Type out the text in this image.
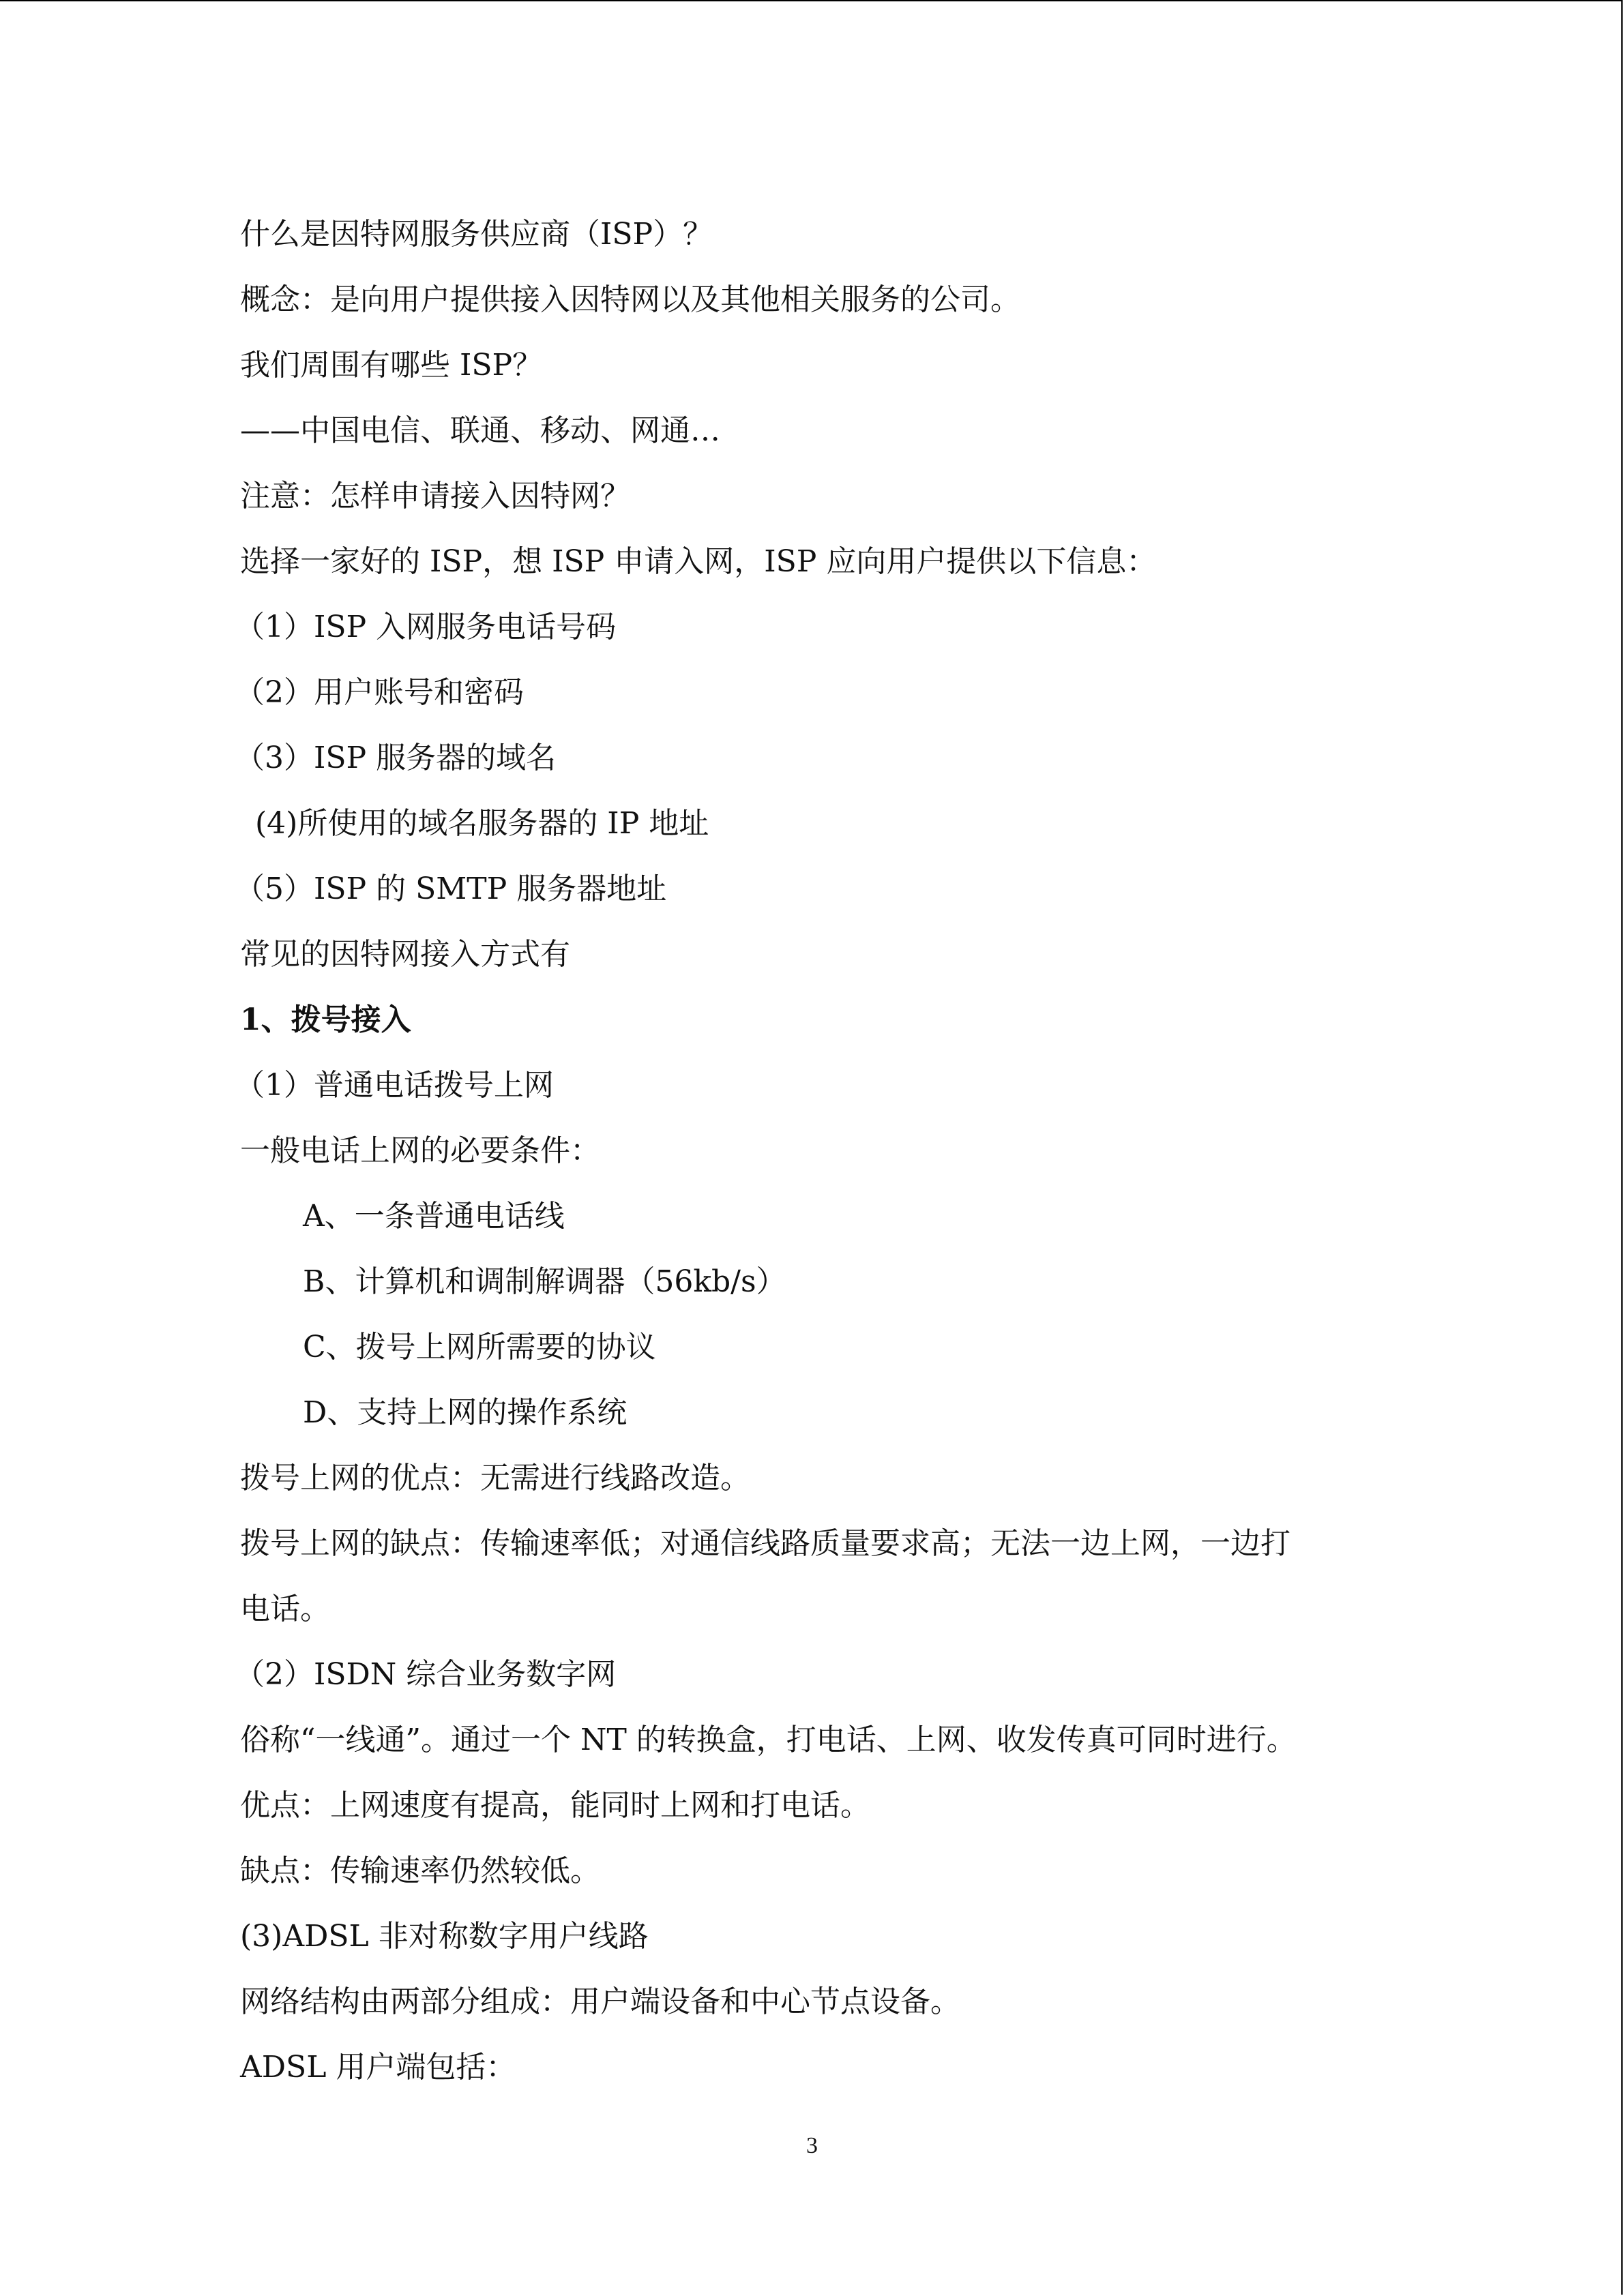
什么是因特网服务供应商（ISP）？
概念：是向用户提供接入因特网以及其他相关服务的公司。
我们周围有哪些 ISP？
——中国电信、联通、移动、网通…
注意：怎样申请接入因特网？
选择一家好的 ISP，想 ISP 申请入网，ISP 应向用户提供以下信息：
（1）ISP 入网服务电话号码
（2）用户账号和密码
（3）ISP 服务器的域名
(4)所使用的域名服务器的 IP 地址
（5）ISP 的 SMTP 服务器地址
常见的因特网接入方式有
1、拨号接入
（1）普通电话拨号上网
一般电话上网的必要条件：
A、一条普通电话线
B、计算机和调制解调器（56kb/s）
C、拨号上网所需要的协议
D、支持上网的操作系统
拨号上网的优点：无需进行线路改造。
拨号上网的缺点：传输速率低；对通信线路质量要求高；无法一边上网，一边打
电话。
（2）ISDN 综合业务数字网
俗称“一线通”。通过一个 NT 的转换盒，打电话、上网、收发传真可同时进行。
优点：上网速度有提高，能同时上网和打电话。
缺点：传输速率仍然较低。
(3)ADSL 非对称数字用户线路
网络结构由两部分组成：用户端设备和中心节点设备。
ADSL 用户端包括：
3
